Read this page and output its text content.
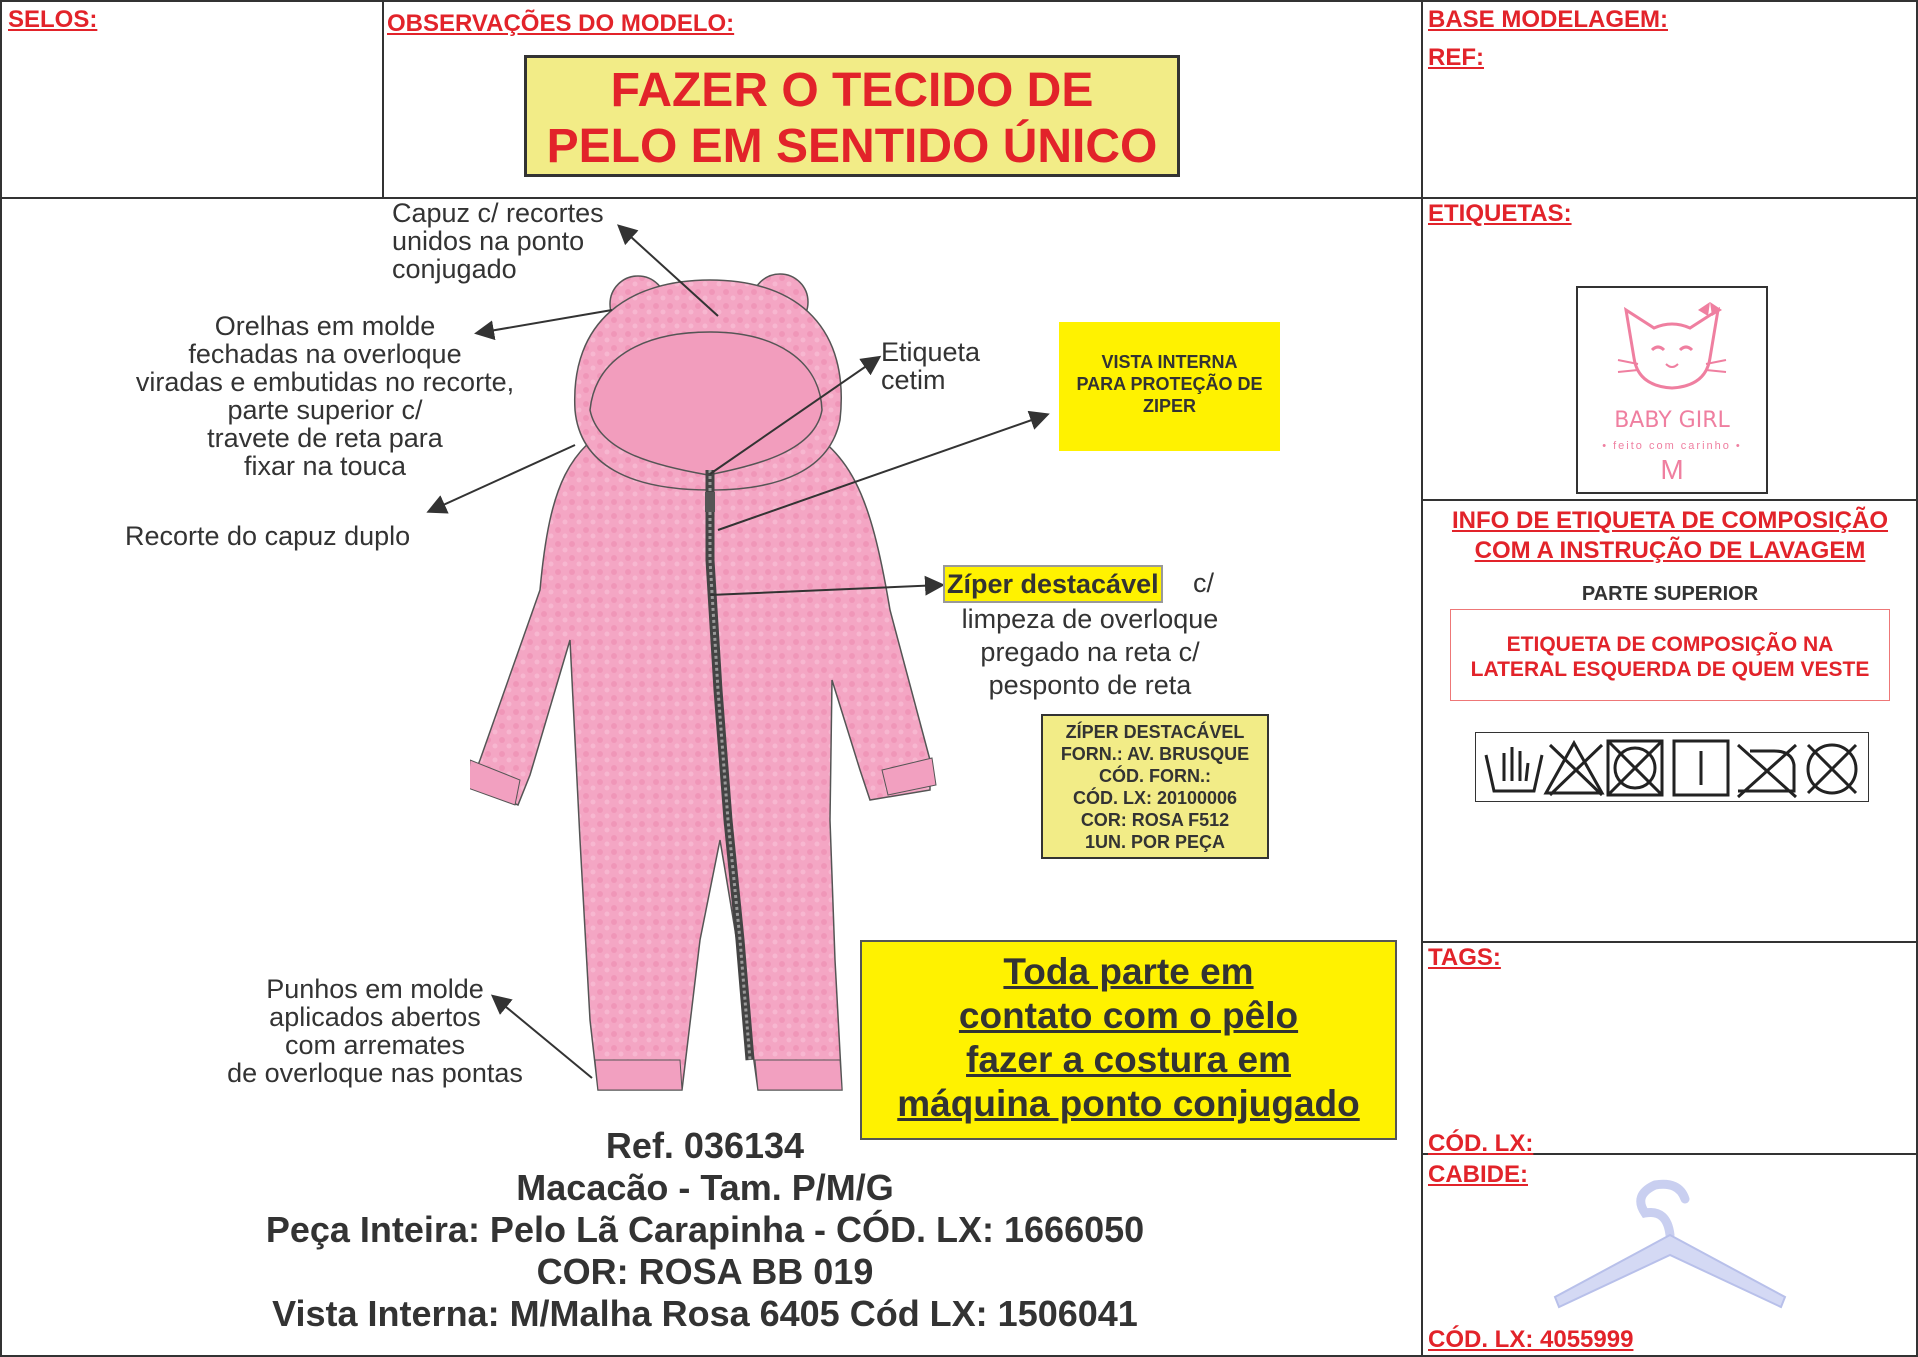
SELOS:	OBSERVAÇÕES DO MODELO:	BASE MODELAGEM:
REF:
ETIQUETAS:
TAGS:
CÓD. LX:
CABIDE:
CÓD. LX: 4055999
FAZER O TECIDO DE
PELO EM SENTIDO ÚNICO
Capuz c/ recortes
unidos na ponto
conjugado
Orelhas em molde
fechadas na overloque
viradas e embutidas no recorte,
parte superior c/
travete de reta para
fixar na touca
Recorte do capuz duplo
Etiqueta
cetim
Punhos em molde
aplicados abertos
com arremates
de overloque nas pontas
Zíper destacável c/
limpeza de overloque
pregado na reta c/
pesponto de reta
VISTA INTERNA
PARA PROTEÇÃO DE
ZIPER
ZÍPER DESTACÁVEL
FORN.: AV. BRUSQUE
CÓD. FORN.:
CÓD. LX: 20100006
COR: ROSA F512
1UN. POR PEÇA
Toda parte em
contato com o pêlo
fazer a costura em
máquina ponto conjugado
Ref. 036134
Macacão - Tam. P/M/G
Peça Inteira: Pelo Lã Carapinha - CÓD. LX: 1666050
COR: ROSA BB 019
Vista Interna: M/Malha Rosa 6405 Cód LX: 1506041
BABY GIRL
• feito com carinho •
M
INFO DE ETIQUETA DE COMPOSIÇÃO
COM A INSTRUÇÃO DE LAVAGEM
PARTE SUPERIOR
ETIQUETA DE COMPOSIÇÃO NA
LATERAL ESQUERDA DE QUEM VESTE
